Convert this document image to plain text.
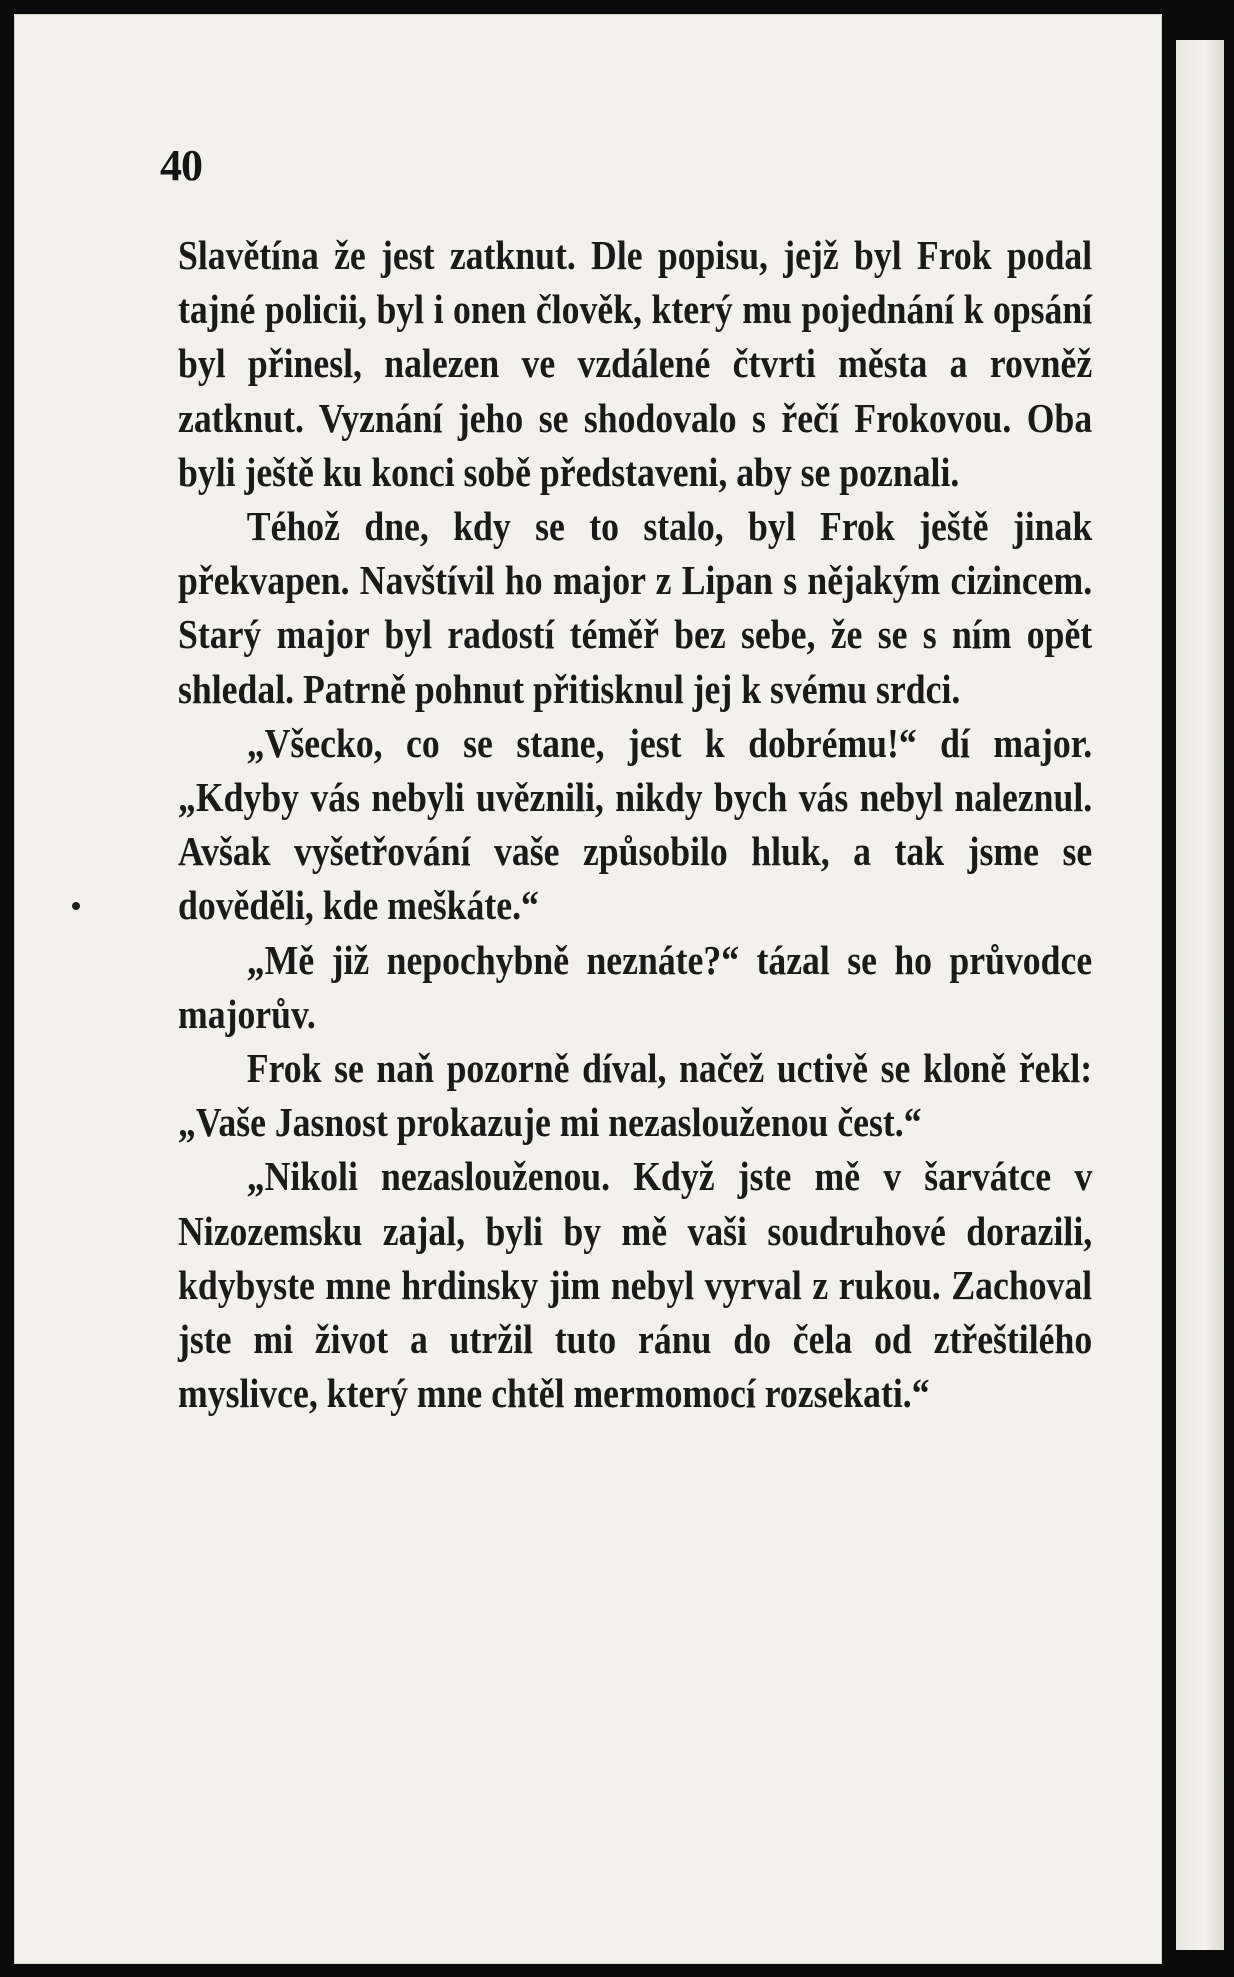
40

Slavětína že jest zatknut. Dle popisu, jejž byl Frok podal tajné policii, byl i onen člověk, který mu pojednání k opsání byl přinesl, nalezen ve vzdálené čtvrti města a rovněž zatknut. Vyznání jeho se shodovalo s řečí Frokovou. Oba byli ještě ku konci sobě představeni, aby se poznali.

Téhož dne, kdy se to stalo, byl Frok ještě jinak překvapen. Navštívil ho major z Lipan s nějakým cizincem. Starý major byl radostí téměř bez sebe, že se s ním opět shledal. Patrně pohnut přitisknul jej k svému srdci.

„Všecko, co se stane, jest k dobrému!“ dí major. „Kdyby vás nebyli uvěznili, nikdy bych vás nebyl naleznul. Avšak vyšetřování vaše způsobilo hluk, a tak jsme se dověděli, kde meškáte.“

„Mě již nepochybně neznáte?“ tázal se ho průvodce majorův.

Frok se naň pozorně díval, načež uctivě se kloně řekl: „Vaše Jasnost prokazuje mi nezaslouženou čest.“

„Nikoli nezaslouženou. Když jste mě v šarvátce v Nizozemsku zajal, byli by mě vaši soudruhové dorazili, kdybyste mne hrdinsky jim nebyl vyrval z rukou. Zachoval jste mi život a utržil tuto ránu do čela od ztřeštilého myslivce, který mne chtěl mermomocí rozsekati.“
